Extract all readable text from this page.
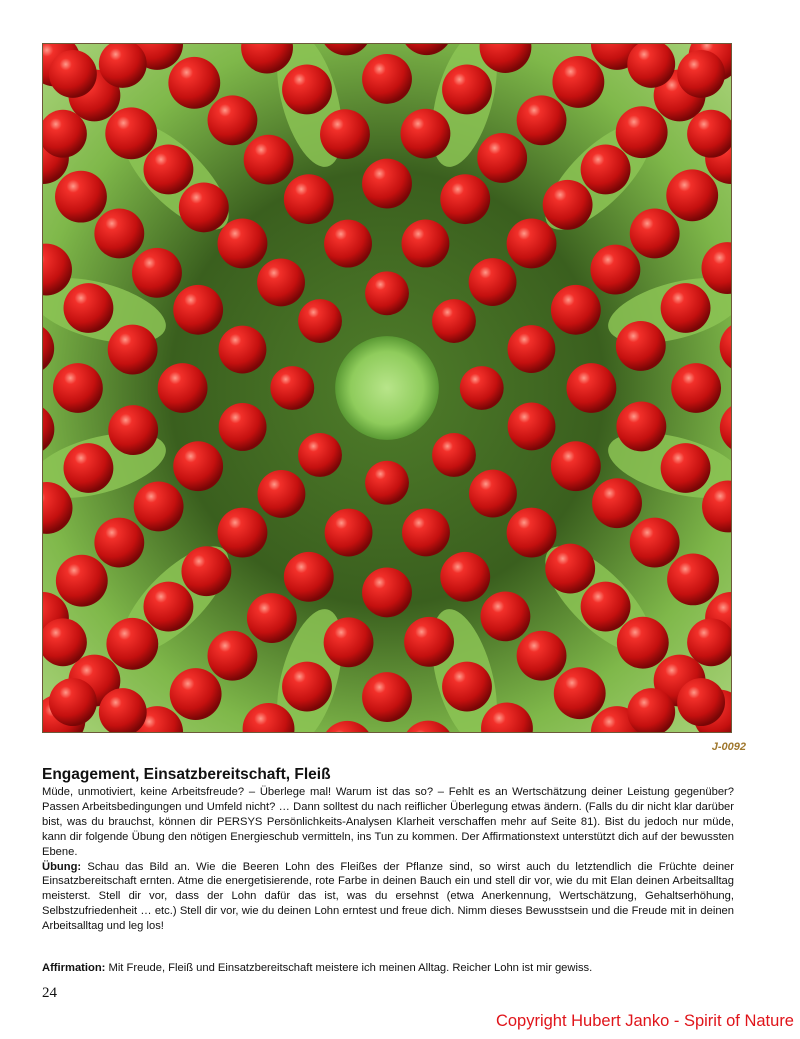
J-0092
Engagement, Einsatzbereitschaft, Fleiß

Müde, unmotiviert, keine Arbeitsfreude? – Überlege mal! Warum ist das so? – Fehlt es an Wertschätzung deiner Leistung gegenüber? Passen Arbeitsbedingungen und Umfeld nicht? … Dann solltest du nach reiflicher Überlegung etwas ändern. (Falls du dir nicht klar darüber bist, was du brauchst, können dir PERSYS Persönlichkeits-Analysen Klarheit verschaffen mehr auf Seite 81). Bist du jedoch nur müde, kann dir folgende Übung den nötigen Energieschub vermitteln, ins Tun zu kommen. Der Affirmationstext unterstützt dich auf der bewussten Ebene.

Übung: Schau das Bild an. Wie die Beeren Lohn des Fleißes der Pflanze sind, so wirst auch du letztendlich die Früchte deiner Einsatzbereitschaft ernten. Atme die energetisierende, rote Farbe in deinen Bauch ein und stell dir vor, wie du mit Elan deinen Arbeitsalltag meisterst. Stell dir vor, dass der Lohn dafür das ist, was du ersehnst (etwa Anerkennung, Wertschätzung, Gehaltserhöhung, Selbstzufriedenheit … etc.) Stell dir vor, wie du deinen Lohn erntest und freue dich. Nimm dieses Bewusstsein und die Freude mit in deinen Arbeitsalltag und leg los!

Affirmation: Mit Freude, Fleiß und Einsatzbereitschaft meistere ich meinen Alltag. Reicher Lohn ist mir gewiss.
24
Copyright Hubert Janko - Spirit of Nature
